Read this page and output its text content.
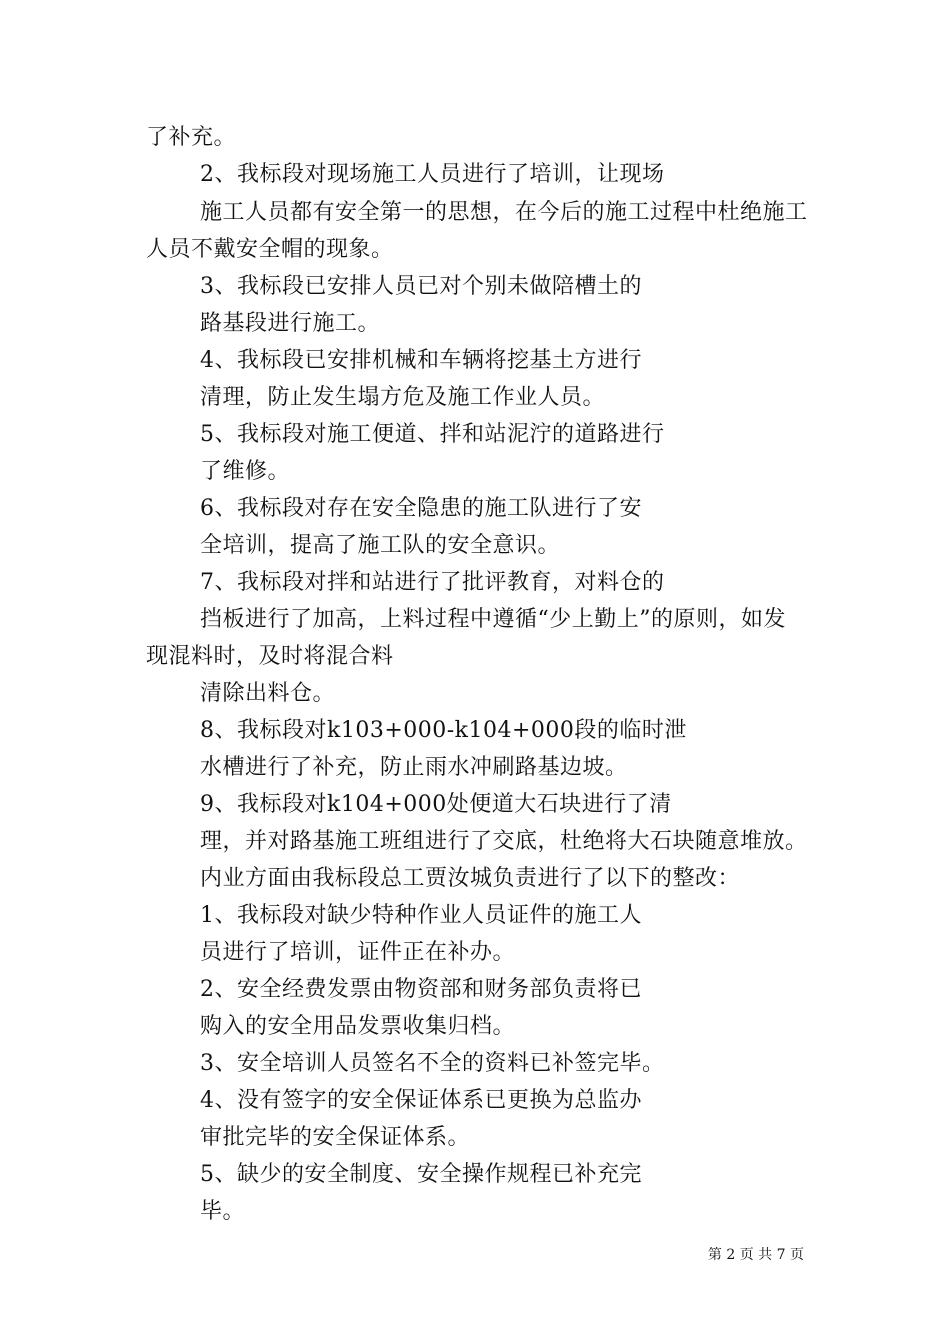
了补充。
2、我标段对现场施工人员进行了培训，让现场
施工人员都有安全第一的思想，在今后的施工过程中杜绝施工
人员不戴安全帽的现象。
3、我标段已安排人员已对个别未做陪槽土的
路基段进行施工。
4、我标段已安排机械和车辆将挖基土方进行
清理，防止发生塌方危及施工作业人员。
5、我标段对施工便道、拌和站泥泞的道路进行
了维修。
6、我标段对存在安全隐患的施工队进行了安
全培训，提高了施工队的安全意识。
7、我标段对拌和站进行了批评教育，对料仓的
挡板进行了加高，上料过程中遵循“少上勤上”的原则，如发
现混料时，及时将混合料
清除出料仓。
8、我标段对k103+000-k104+000段的临时泄
水槽进行了补充，防止雨水冲刷路基边坡。
9、我标段对k104+000处便道大石块进行了清
理，并对路基施工班组进行了交底，杜绝将大石块随意堆放。
内业方面由我标段总工贾汝城负责进行了以下的整改：
1、我标段对缺少特种作业人员证件的施工人
员进行了培训，证件正在补办。
2、安全经费发票由物资部和财务部负责将已
购入的安全用品发票收集归档。
3、安全培训人员签名不全的资料已补签完毕。
4、没有签字的安全保证体系已更换为总监办
审批完毕的安全保证体系。
5、缺少的安全制度、安全操作规程已补充完
毕。
第 2 页 共 7 页
